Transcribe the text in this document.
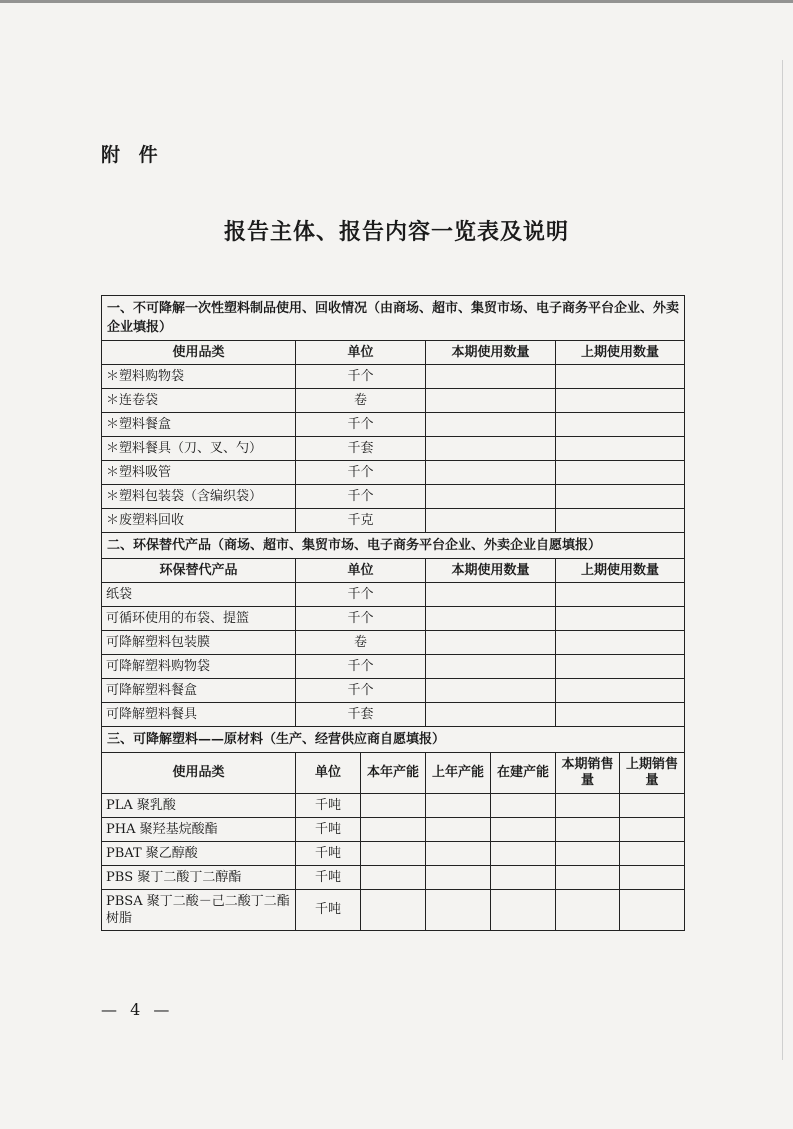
附 件
报告主体、报告内容一览表及说明
一、不可降解一次性塑料制品使用、回收情况（由商场、超市、集贸市场、电子商务平台企业、外卖企业填报）						
使用品类	单位		本期使用数量		上期使用数量	
＊塑料购物袋	千个					
＊连卷袋	卷					
＊塑料餐盒	千个					
＊塑料餐具（刀、叉、勺）	千套					
＊塑料吸管	千个					
＊塑料包装袋（含编织袋）	千个					
＊废塑料回收	千克					
二、环保替代产品（商场、超市、集贸市场、电子商务平台企业、外卖企业自愿填报）						
环保替代产品	单位		本期使用数量		上期使用数量	
纸袋	千个					
可循环使用的布袋、提篮	千个					
可降解塑料包装膜	卷					
可降解塑料购物袋	千个					
可降解塑料餐盒	千个					
可降解塑料餐具	千套					
三、可降解塑料——原材料（生产、经营供应商自愿填报）						
使用品类	单位	本年产能	上年产能	在建产能	本期销售量	上期销售量
PLA 聚乳酸	千吨					
PHA 聚羟基烷酸酯	千吨					
PBAT 聚乙醇酸	千吨					
PBS 聚丁二酸丁二醇酯	千吨					
PBSA 聚丁二酸－己二酸丁二酯树脂	千吨					
— 4 —
